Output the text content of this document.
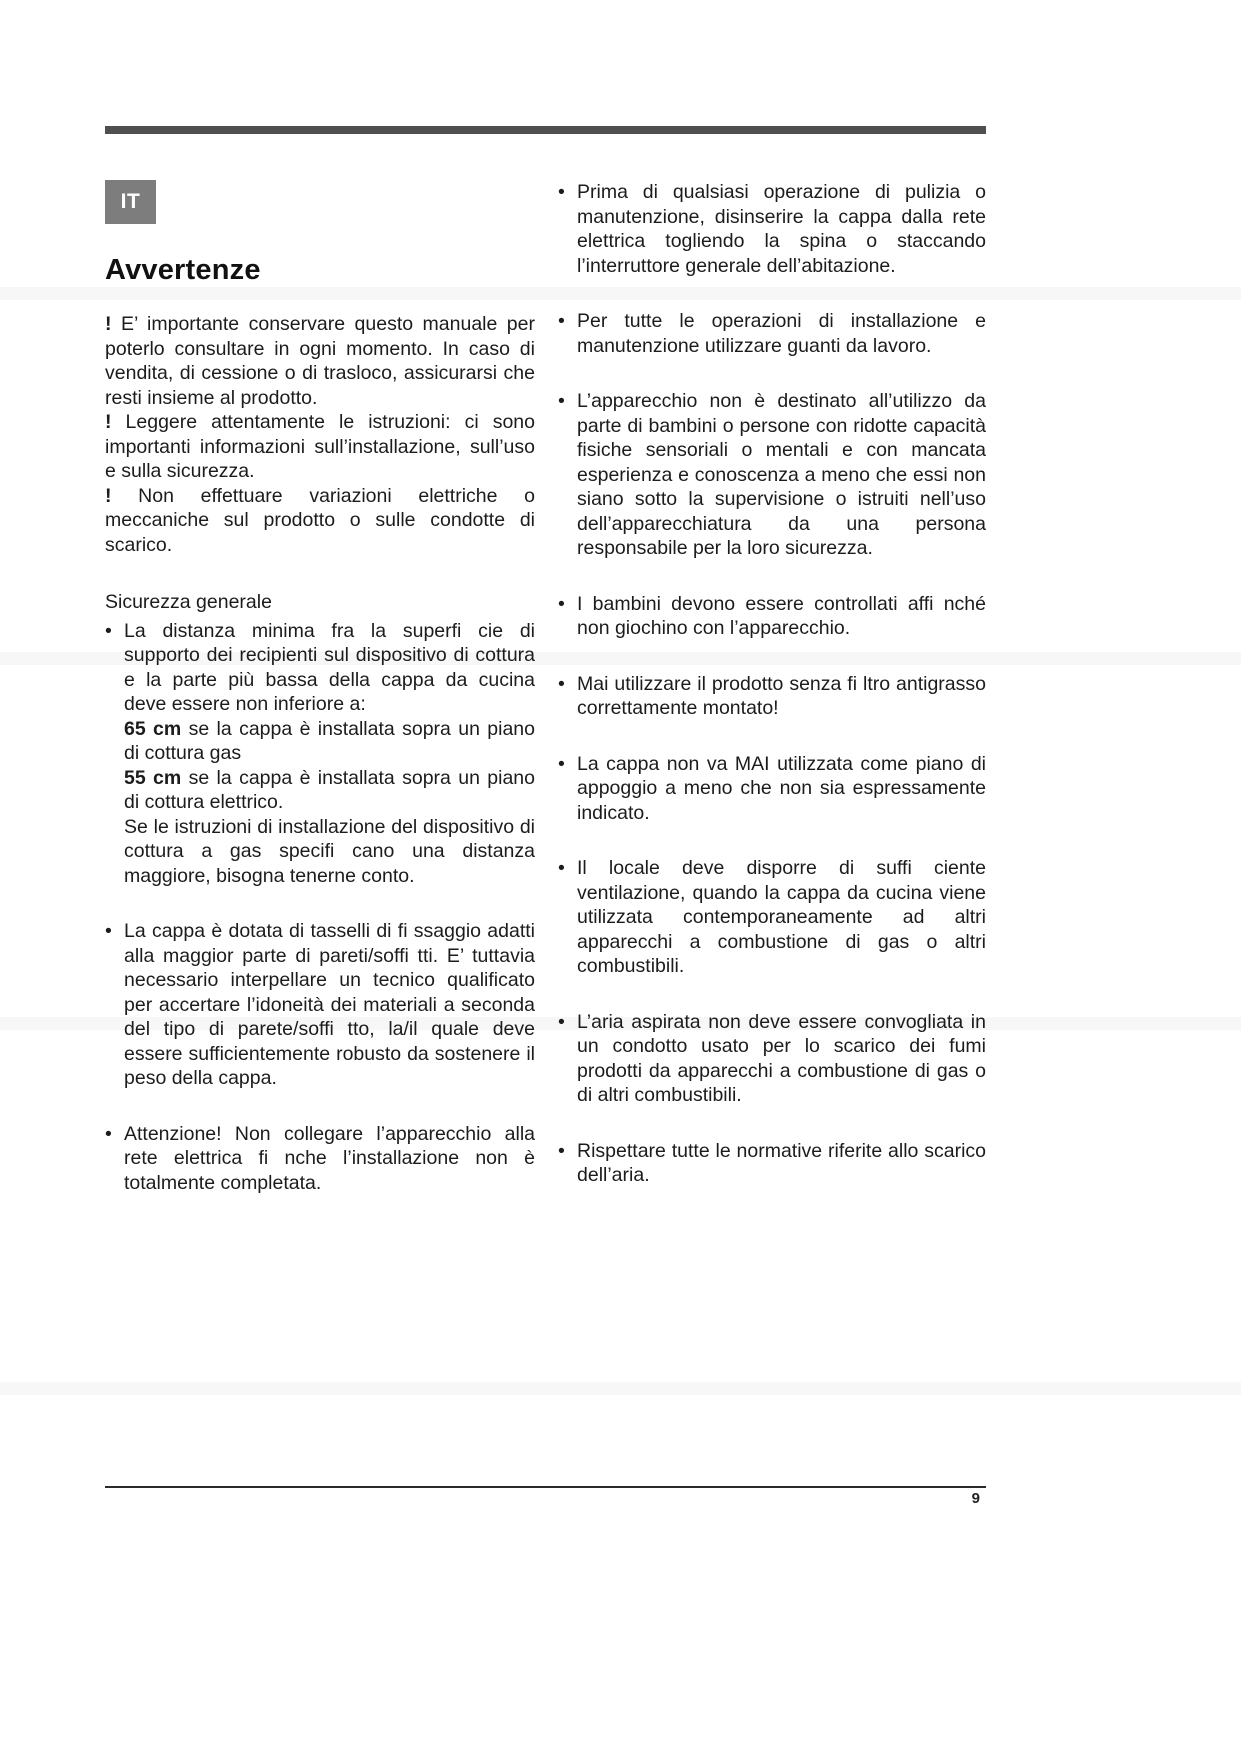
IT
Avvertenze

! E’ importante conservare questo manuale per poterlo consultare in ogni momento. In caso di vendita, di cessione o di trasloco, assicurarsi che resti insieme al prodotto.

! Leggere attentamente le istruzioni: ci sono importanti informazioni sull’installazione, sull’uso e sulla sicurezza.

! Non effettuare variazioni elettriche o meccaniche sul prodotto o sulle condotte di scarico.

Sicurezza generale
• La distanza minima fra la superfi cie di supporto dei recipienti sul dispositivo di cottura e la parte più bassa della cappa da cucina deve essere non inferiore a:
65 cm se la cappa è installata sopra un piano di cottura gas
55 cm se la cappa è installata sopra un piano di cottura elettrico.
Se le istruzioni di installazione del dispositivo di cottura a gas specifi cano una distanza maggiore, bisogna tenerne conto.
• La cappa è dotata di tasselli di fi ssaggio adatti alla maggior parte di pareti/soffi tti. E’ tuttavia necessario interpellare un tecnico qualificato per accertare l’idoneità dei materiali a seconda del tipo di parete/soffi tto, la/il quale deve essere sufficientemente robusto da sostenere il peso della cappa.
• Attenzione! Non collegare l’apparecchio alla rete elettrica fi nche l’installazione non è totalmente completata.
• Prima di qualsiasi operazione di pulizia o manutenzione, disinserire la cappa dalla rete elettrica togliendo la spina o staccando l’interruttore generale dell’abitazione.
• Per tutte le operazioni di installazione e manutenzione utilizzare guanti da lavoro.
• L’apparecchio non è destinato all’utilizzo da parte di bambini o persone con ridotte capacità fisiche sensoriali o mentali e con mancata esperienza e conoscenza a meno che essi non siano sotto la supervisione o istruiti nell’uso dell’apparecchiatura da una persona responsabile per la loro sicurezza.
• I bambini devono essere controllati affi nché non giochino con l’apparecchio.
• Mai utilizzare il prodotto senza fi ltro antigrasso correttamente montato!
• La cappa non va MAI utilizzata come piano di appoggio a meno che non sia espressamente indicato.
• Il locale deve disporre di suffi ciente ventilazione, quando la cappa da cucina viene utilizzata contemporaneamente ad altri apparecchi a combustione di gas o altri combustibili.
• L’aria aspirata non deve essere convogliata in un condotto usato per lo scarico dei fumi prodotti da apparecchi a combustione di gas o di altri combustibili.
• Rispettare tutte le normative riferite allo scarico dell’aria.
9
